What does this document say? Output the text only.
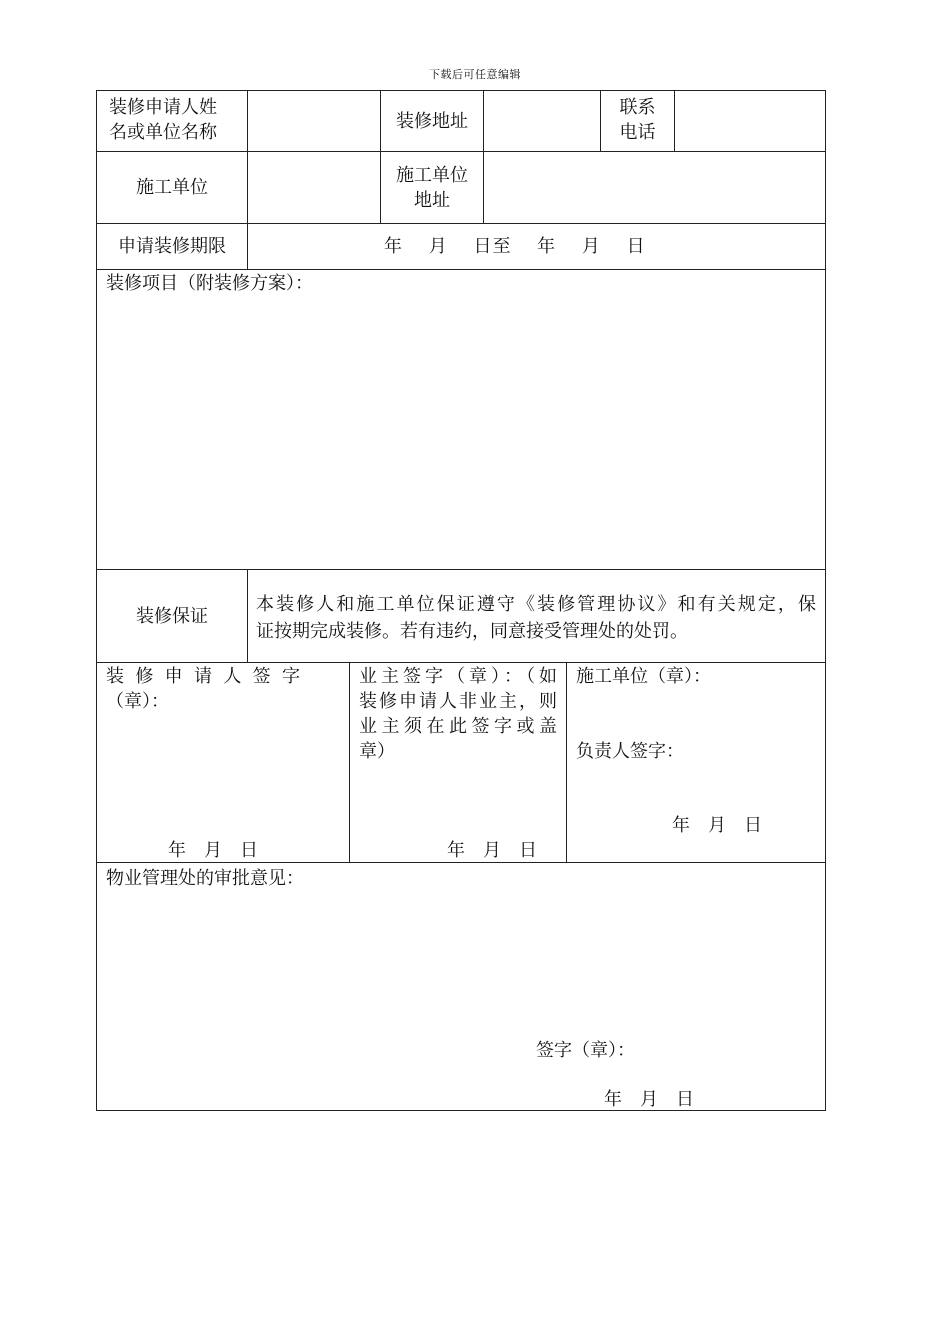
下载后可任意编辑
装修申请人姓
名或单位名称
装修地址
联系
电话
施工单位
施工单位
地址
申请装修期限	年　 月　 日至　 年　 月　 日
装修项目（附装修方案）：
装修保证
本装修人和施工单位保证遵守《装修管理协议》和有关规定，保
证按期完成装修。若有违约，同意接受管理处的处罚。
装修申请人签字
（章）：
年　月　日
业主签字（章）：（如
装修申请人非业主，则
业主须在此签字或盖
章）
年　月　日
施工单位（章）：
负责人签字：
年　月　日
物业管理处的审批意见：
签字（章）：
年　月　日
